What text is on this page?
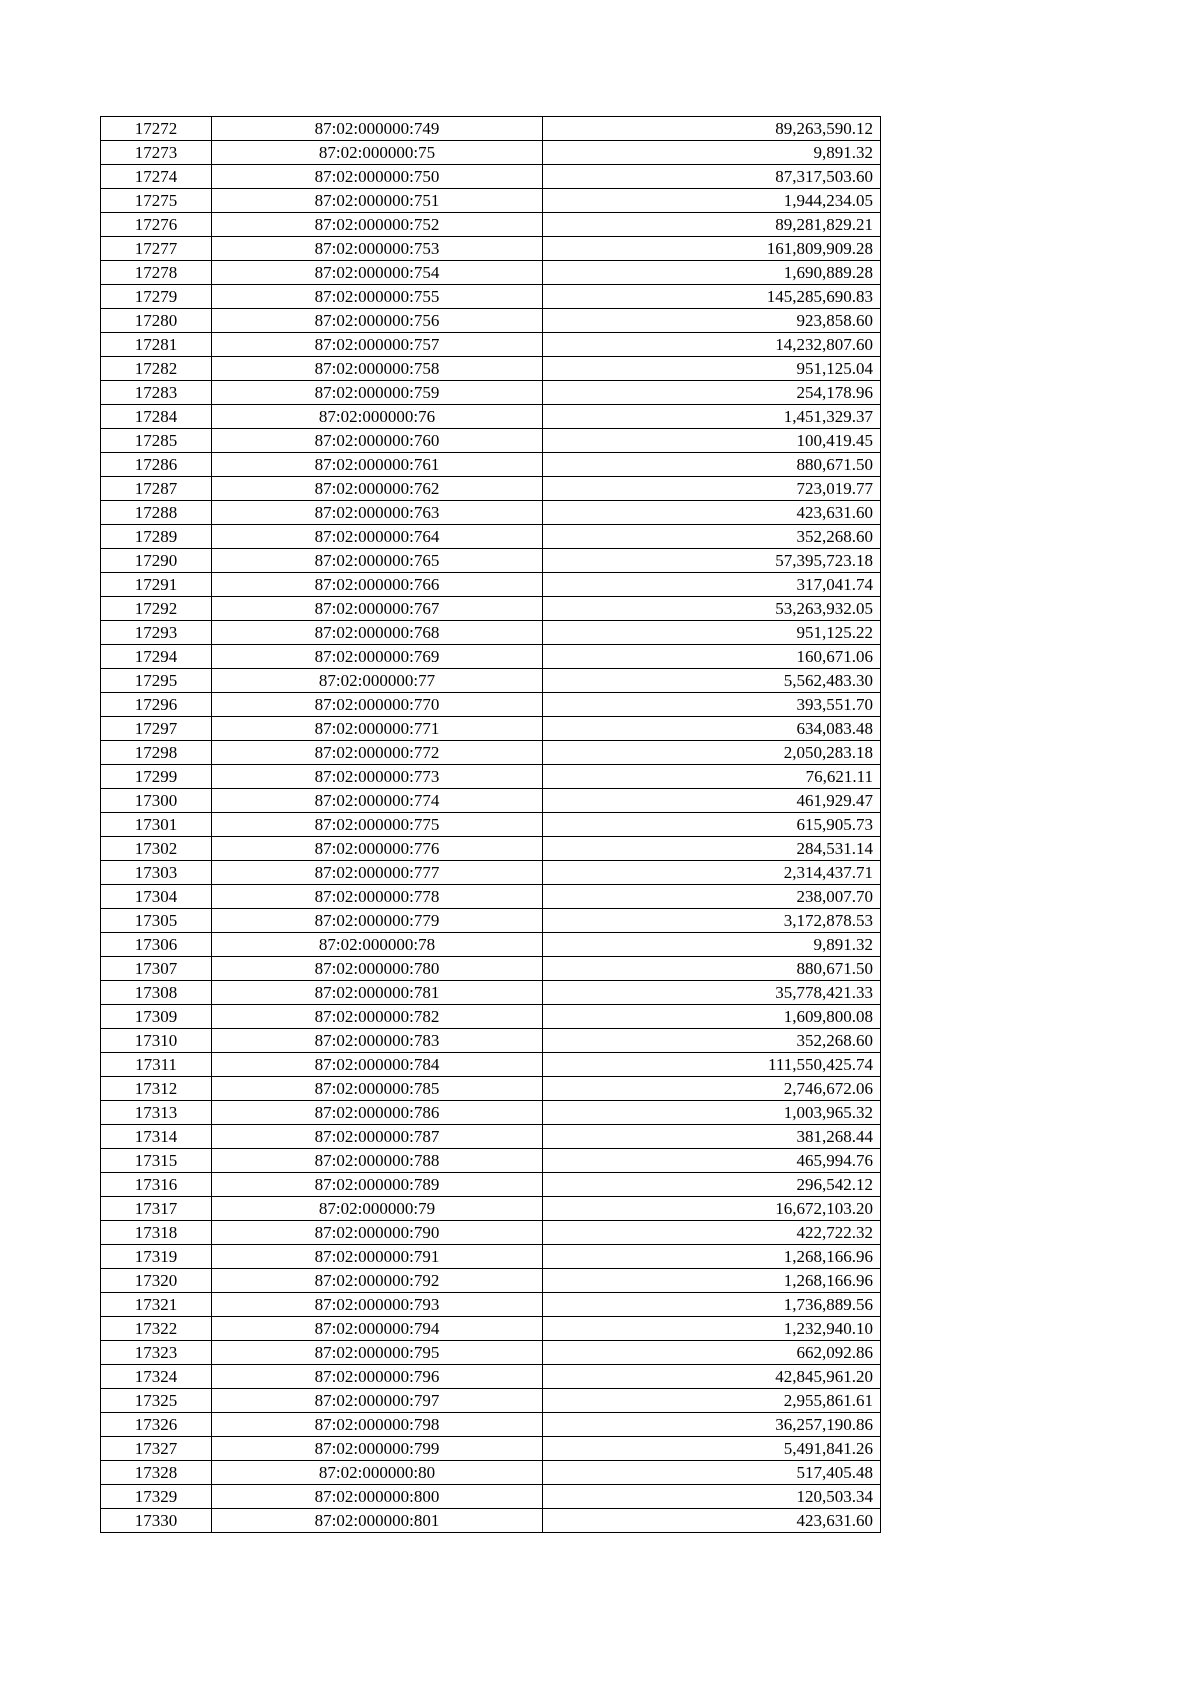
17272	87:02:000000:749	89,263,590.12
17273	87:02:000000:75	9,891.32
17274	87:02:000000:750	87,317,503.60
17275	87:02:000000:751	1,944,234.05
17276	87:02:000000:752	89,281,829.21
17277	87:02:000000:753	161,809,909.28
17278	87:02:000000:754	1,690,889.28
17279	87:02:000000:755	145,285,690.83
17280	87:02:000000:756	923,858.60
17281	87:02:000000:757	14,232,807.60
17282	87:02:000000:758	951,125.04
17283	87:02:000000:759	254,178.96
17284	87:02:000000:76	1,451,329.37
17285	87:02:000000:760	100,419.45
17286	87:02:000000:761	880,671.50
17287	87:02:000000:762	723,019.77
17288	87:02:000000:763	423,631.60
17289	87:02:000000:764	352,268.60
17290	87:02:000000:765	57,395,723.18
17291	87:02:000000:766	317,041.74
17292	87:02:000000:767	53,263,932.05
17293	87:02:000000:768	951,125.22
17294	87:02:000000:769	160,671.06
17295	87:02:000000:77	5,562,483.30
17296	87:02:000000:770	393,551.70
17297	87:02:000000:771	634,083.48
17298	87:02:000000:772	2,050,283.18
17299	87:02:000000:773	76,621.11
17300	87:02:000000:774	461,929.47
17301	87:02:000000:775	615,905.73
17302	87:02:000000:776	284,531.14
17303	87:02:000000:777	2,314,437.71
17304	87:02:000000:778	238,007.70
17305	87:02:000000:779	3,172,878.53
17306	87:02:000000:78	9,891.32
17307	87:02:000000:780	880,671.50
17308	87:02:000000:781	35,778,421.33
17309	87:02:000000:782	1,609,800.08
17310	87:02:000000:783	352,268.60
17311	87:02:000000:784	111,550,425.74
17312	87:02:000000:785	2,746,672.06
17313	87:02:000000:786	1,003,965.32
17314	87:02:000000:787	381,268.44
17315	87:02:000000:788	465,994.76
17316	87:02:000000:789	296,542.12
17317	87:02:000000:79	16,672,103.20
17318	87:02:000000:790	422,722.32
17319	87:02:000000:791	1,268,166.96
17320	87:02:000000:792	1,268,166.96
17321	87:02:000000:793	1,736,889.56
17322	87:02:000000:794	1,232,940.10
17323	87:02:000000:795	662,092.86
17324	87:02:000000:796	42,845,961.20
17325	87:02:000000:797	2,955,861.61
17326	87:02:000000:798	36,257,190.86
17327	87:02:000000:799	5,491,841.26
17328	87:02:000000:80	517,405.48
17329	87:02:000000:800	120,503.34
17330	87:02:000000:801	423,631.60
